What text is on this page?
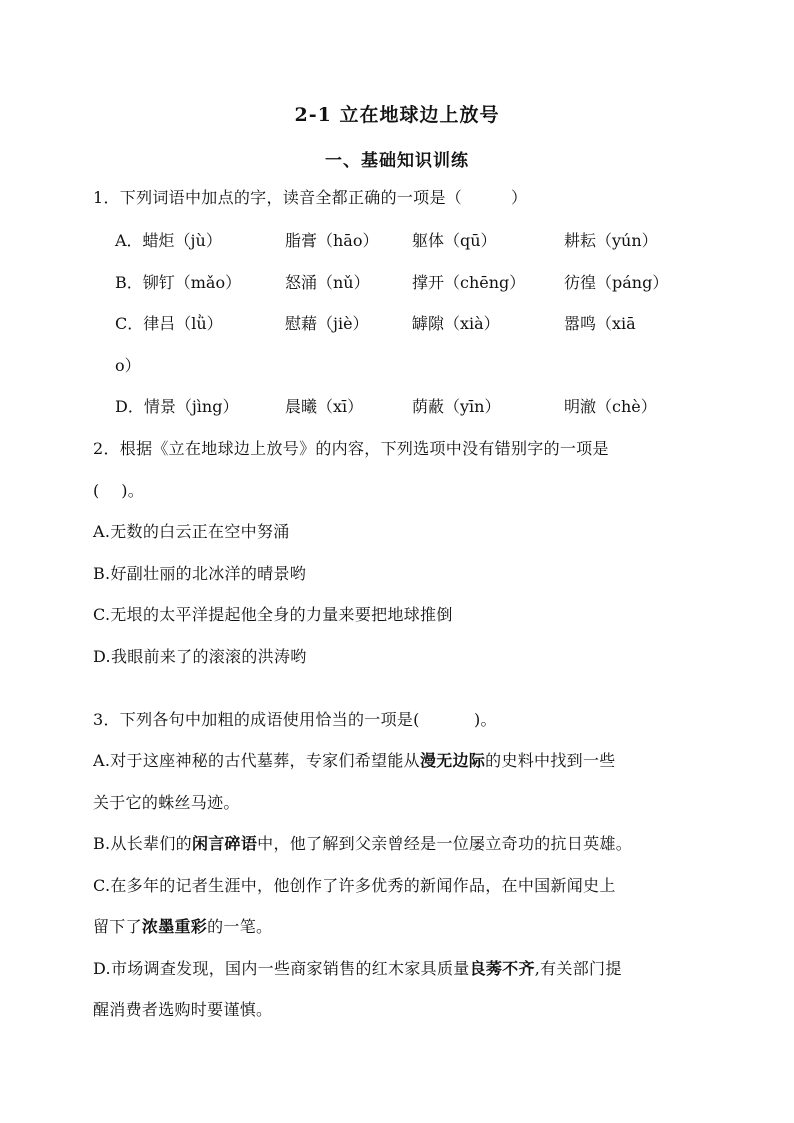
2-1 立在地球边上放号
一、基础知识训练
1．下列词语中加点的字，读音全都正确的一项是（　　　）
A．蜡炬（jù）	脂膏（hāo）	躯体（qū）	耕耘（yún）
B．铆钉（mǎo）	怒涌（nǔ）	撑开（chēng）	彷徨（páng）
C．律吕（lǜ）	慰藉（jiè）	罅隙（xià）	嚣鸣（xiā
o）
D．情景（jìng）	晨曦（xī）	荫蔽（yīn）	明澈（chè）
2．根据《立在地球边上放号》的内容，下列选项中没有错别字的一项是
(　 )。
A.无数的白云正在空中努涌
B.好副壮丽的北冰洋的晴景哟
C.无垠的太平洋提起他全身的力量来要把地球推倒
D.我眼前来了的滚滚的洪涛哟
3．下列各句中加粗的成语使用恰当的一项是(　　　 )。
A.对于这座神秘的古代墓葬，专家们希望能从漫无边际的史料中找到一些
关于它的蛛丝马迹。
B.从长辈们的闲言碎语中，他了解到父亲曾经是一位屡立奇功的抗日英雄。
C.在多年的记者生涯中，他创作了许多优秀的新闻作品，在中国新闻史上
留下了浓墨重彩的一笔。
D.市场调查发现，国内一些商家销售的红木家具质量良莠不齐,有关部门提
醒消费者选购时要谨慎。
